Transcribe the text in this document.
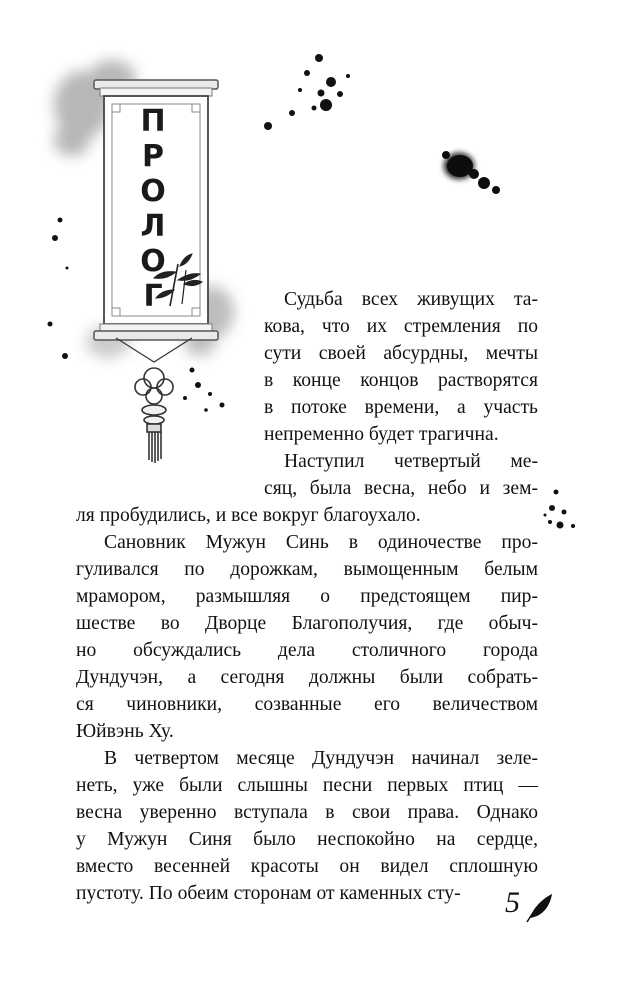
П
Р
О
Л
О
Г	Судьба всех живущих та-
кова, что их стремления по
сути своей абсурдны, мечты
в конце концов растворятся
в потоке времени, а участь
непременно будет трагична.
Наступил четвертый ме-
сяц, была весна, небо и зем-
ля пробудились, и все вокруг благоухало.
Сановник Мужун Синь в одиночестве про-
гуливался по дорожкам, вымощенным белым
мрамором, размышляя о предстоящем пир-
шестве во Дворце Благополучия, где обыч-
но обсуждались дела столичного города
Дундучэн, а сегодня должны были собрать-
ся чиновники, созванные его величеством
Юйвэнь Ху.
В четвертом месяце Дундучэн начинал зеле-
неть, уже были слышны песни первых птиц —
весна уверенно вступала в свои права. Однако
у Мужун Синя было неспокойно на сердце,
вместо весенней красоты он видел сплошную
пустоту. По обеим сторонам от каменных сту- 5
